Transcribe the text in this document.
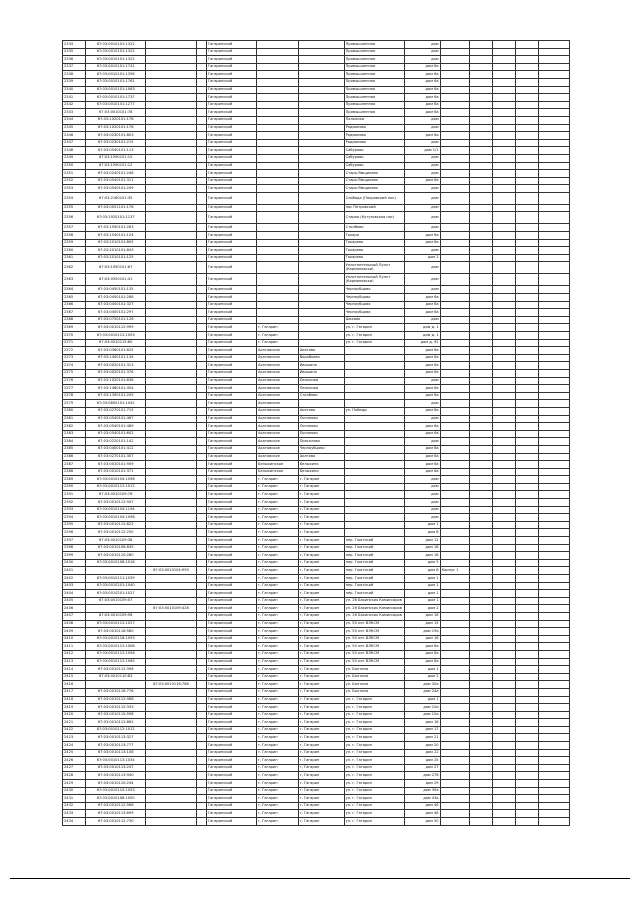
2334	67:03:0010101:1322			Гагаринский			Промышленная	дом					
2335	67:03:0010101:1322			Гагаринский			Промышленная	дом					
2336	67:03:0010101:1322			Гагаринский			Промышленная	дом					
2337	67:03:0010101:1741			Гагаринский			Промышленная	дом 6а					
2338	67:03:0010101:1358			Гагаринский			Промышленная	дом 6а					
2339	67:03:0010101:1761			Гагаринский			Промышленная	дом 6а					
2340	67:03:0010101:1063			Гагаринский			Промышленная	дом 6а					
2341	67:03:0010101:1737			Гагаринский			Промышленная	дом 6а					
2342	67:03:0010101:1277			Гагаринский			Промышленная	дом 6а					
2343	67:03:0010101:78			Гагаринский			Промышленная	дом 6а					
2344	67:03:1020101:176			Гагаринский			Пальники	дом					
2345	67:03:1020101:176			Гагаринский			Родионово	дом					
2346	67:03:0230101:803			Гагаринский			Родионово	дом 6а					
2347	67:03:0230101:215			Гагаринский			Родионово	дом					
2348	67:03:0540101:113			Гагаринский			Сабурово	дом 1/1					
2349	67:03:1590101:15			Гагаринский			Сабурово	дом					
2350	67:03:1590101:12			Гагаринский			Сабурово	дом					
2351	67:03:0240101:248			Гагаринский			Старо-Ямщиково	дом					
2352	67:03:0540101:311			Гагаринский			Старо-Ямщиково	дом 6а					
2353	67:03:0540101:249			Гагаринский			Старо-Ямщиково	дом					
2354	67:03:2160101:35			Гагаринский			Слобода (Покровский пос)	дом					
2355	67:03:0051101:176			Гагаринский			пос Петровский	дом					
2356	67:03:1920101:1137			Гагаринский			Старая (Кутузовская пос)	дом					
2357	67:03:1590101:263			Гагаринский			Столбово	дом					
2358	67:03:1540101:124			Гагаринский			Токари	дом 6а					
2359	67:03:2010101:805			Гагаринский			Токарево	дом 6а					
2360	67:03:2010101:843			Гагаринский			Токарево	дом					
2361	67:03:2010101:125			Гагаринский			Токарево	дом 2					
2362	67:03:1950101:67			Гагаринский			Уплотнительный Пункт (Кармановски)	дом					
2363	67:03:0550101:41			Гагаринский			Уплотнительный Пункт (Кармановски)	дом					
2364	67:03:0450101:135			Гагаринский			Черноубцово	дом					
2365	67:03:0450101:288			Гагаринский			Черноубцово	дом 6а					
2366	67:03:0450101:327			Гагаринский			Черноубцово	дом 6а					
2367	67:03:0450101:297			Гагаринский			Черноубцово	дом 6а					
2368	67:03:0750101:126			Гагаринский			Шахово	дом					
2369	67:03:0010112:999			Гагаринский	г. Гагарин		ул. г. Гагарин	дом д. 1					
2370	67:03:0010112:1003			Гагаринский	г. Гагарин		ул. г. Гагарин	дом д. 1					
2371	67:03:0010115:60			Гагаринский	г. Гагарин		ул. г. Гагарин	дом д. 92					
2372	67:03:0360101:625			Гагаринский	Акатовское	Акатово		дом 6а					
2373	67:03:1400101:134			Гагаринский	Акатовское	Воробьево		дом 6а					
2374	67:03:0020101:313			Гагаринский	Акатовское	Ивашино		дом 6а					
2375	67:03:0020101:376			Гагаринский	Акатовское	Ивашино		дом 6а					
2376	67:03:1020101:836			Гагаринский	Акатовское	Пальники		дом					
2377	67:03:1480101:454			Гагаринский	Акатовское	Пальники		дом 6а					
2378	67:03:1390101:205			Гагаринский	Акатовское	Столбово		дом 6а					
2379	67:03:0600101:1042			Гагаринский	Акатовское			дом					
2380	67:03:0270101:715			Гагаринский	Акатовское	Акатово	ул. Победы	дом 6а					
2381	67:03:0540101:467			Гагаринский	Акатовское	Логиново		дом					
2382	67:03:0540101:489			Гагаринский	Акатовское	Логиново		дом 6а					
2383	67:03:0540101:602			Гагаринский	Акатовское	Логиново		дом 6а					
2384	67:03:0220101:142			Гагаринский	Акатовское	Прасолово		дом					
2385	67:03:0400101:412			Гагаринский	Акатовское	Черноубцово		дом 6а					
2386	67:03:0270101:307			Гагаринский	Акатовское	Акатово		дом 6а					
2387	67:03:0010101:909			Гагаринский	Белыхинское	Белыхино		дом 6а					
2388	67:03:0010101:371			Гагаринский	Белыхинское	Белыхино		дом 6а					
2389	67:03:0010104:1098			Гагаринский	г. Гагарин	г. Гагарин		дом					
2390	67:03:0010112:1012			Гагаринский	г. Гагарин	г. Гагарин		дом					
2391	67:03:0010109:76			Гагаринский	г. Гагарин	г. Гагарин		дом					
2392	67:03:0010112:947			Гагаринский	г. Гагарин	г. Гагарин		дом					
2393	67:03:0010104:1194			Гагаринский	г. Гагарин	г. Гагарин		дом					
2394	67:03:0010104:1098			Гагаринский	г. Гагарин	г. Гагарин		дом					
2395	67:03:0010112:622			Гагаринский	г. Гагарин	г. Гагарин		дом 1					
2396	67:03:0010112:250			Гагаринский	г. Гагарин	г. Гагарин		дом 8					
2397	67:03:0010109:38			Гагаринский	г. Гагарин	г. Гагарин	пер. Гжатский	дом 12					
2398	67:03:0010106:839			Гагаринский	г. Гагарин	г. Гагарин	пер. Гжатский	дом 18					
2399	67:03:0010110:280			Гагаринский	г. Гагарин	г. Гагарин	пер. Гжатский	дом 18					
2400	67:03:0010106:1018			Гагаринский	г. Гагарин	г. Гагарин	пер. Гжатский	дом 5					
2401		67:03:0010104:993		Гагаринский	г. Гагарин	г. Гагарин	пер. Гжатский	дом 8	Корпус 1				
2402	67:03:0010111:1039			Гагаринский	г. Гагарин	г. Гагарин	пер. Гжатский	дом 1					
2403	67:03:0010201:1040			Гагаринский	г. Гагарин	г. Гагарин	пер. Гжатский	дом 1					
2404	67:03:0010201:1027			Гагаринский	г. Гагарин	г. Гагарин	пер. Гжатский	дом 1					
2405	67:03:0010109:07			Гагаринский	г. Гагарин	г. Гагарин	ул. 26 Бакинских Комиссаров	дом 1					
2406		67:03:0010109:428		Гагаринский	г. Гагарин	г. Гагарин	ул. 26 Бакинских Комиссаров	дом 2					
2407	67:03:0010109:96			Гагаринский	г. Гагарин	г. Гагарин	ул. 26 Бакинских Комиссаров	дом 16					
2408	67:03:0010112:1027			Гагаринский	г. Гагарин	г. Гагарин	ул. 50 лет ВЛКСМ	дом 15					
2409	67:03:0010116:580			Гагаринский	г. Гагарин	г. Гагарин	ул. 50 лет ВЛКСМ	дом 19а					
2410	67:03:0010116:1093			Гагаринский	г. Гагарин	г. Гагарин	ул. 50 лет ВЛКСМ	дом 16					
2411	67:03:0010112:1008			Гагаринский	г. Гагарин	г. Гагарин	ул. 50 лет ВЛКСМ	дом 8а					
2412	67:03:0010112:1056			Гагаринский	г. Гагарин	г. Гагарин	ул. 50 лет ВЛКСМ	дом 8а					
2413	67:03:0010112:1065			Гагаринский	г. Гагарин	г. Гагарин	ул. 50 лет ВЛКСМ	дом 8а					
2414	67:03:0010112:396			Гагаринский	г. Гагарин	г. Гагарин	ул. Бахтина	дом 1					
2415	67:03:0010110:83			Гагаринский	г. Гагарин	г. Гагарин	ул. Бахтина	дом 2					
2416		67:03:0010116:788		Гагаринский	г. Гагарин	г. Гагарин	ул. Бахтина	дом 30а					
2417	67:03:0010116:776			Гагаринский	г. Гагарин	г. Гагарин	ул. Бахтина	дом 24а					
2418	67:03:0010112:968			Гагаринский	г. Гагарин	г. Гагарин	ул. г. Гагарин	дом 1					
2419	67:03:0010115:333			Гагаринский	г. Гагарин	г. Гагарин	ул. г. Гагарин	дом 10а					
2420	67:03:0010115:598			Гагаринский	г. Гагарин	г. Гагарин	ул. г. Гагарин	дом 10а					
2421	67:03:0010112:862			Гагаринский	г. Гагарин	г. Гагарин	ул. г. Гагарин	дом 16					
2422	67:03:0010112:1012			Гагаринский	г. Гагарин	г. Гагарин	ул. г. Гагарин	дом 17					
2423	67:03:0010113:327			Гагаринский	г. Гагарин	г. Гагарин	ул. г. Гагарин	дом 21					
2424	67:03:0010113:777			Гагаринский	г. Гагарин	г. Гагарин	ул. г. Гагарин	дом 20					
2425	67:03:0010113:108			Гагаринский	г. Гагарин	г. Гагарин	ул. г. Гагарин	дом 22					
2426	67:03:0010113:1034			Гагаринский	г. Гагарин	г. Гагарин	ул. г. Гагарин	дом 25					
2427	67:03:0010113:247			Гагаринский	г. Гагарин	г. Гагарин	ул. г. Гагарин	дом 27					
2428	67:03:0010113:940			Гагаринский	г. Гагарин	г. Гагарин	ул. г. Гагарин	дом 27б					
2429	67:03:0010110:244			Гагаринский	г. Гагарин	г. Гагарин	ул. г. Гагарин	дом 29					
2430	67:03:0010110:1053			Гагаринский	г. Гагарин	г. Гагарин	ул. г. Гагарин	дом 39а					
2431	67:03:0010108:1050			Гагаринский	г. Гагарин	г. Гагарин	ул. г. Гагарин	дом 43а					
2432	67:03:0010112:566			Гагаринский	г. Гагарин	г. Гагарин	ул. г. Гагарин	дом 46					
2433	67:03:0010113:699			Гагаринский	г. Гагарин	г. Гагарин	ул. г. Гагарин	дом 48					
2434	67:03:0010112:730			Гагаринский	г. Гагарин	г. Гагарин	ул. г. Гагарин	дом 50					
